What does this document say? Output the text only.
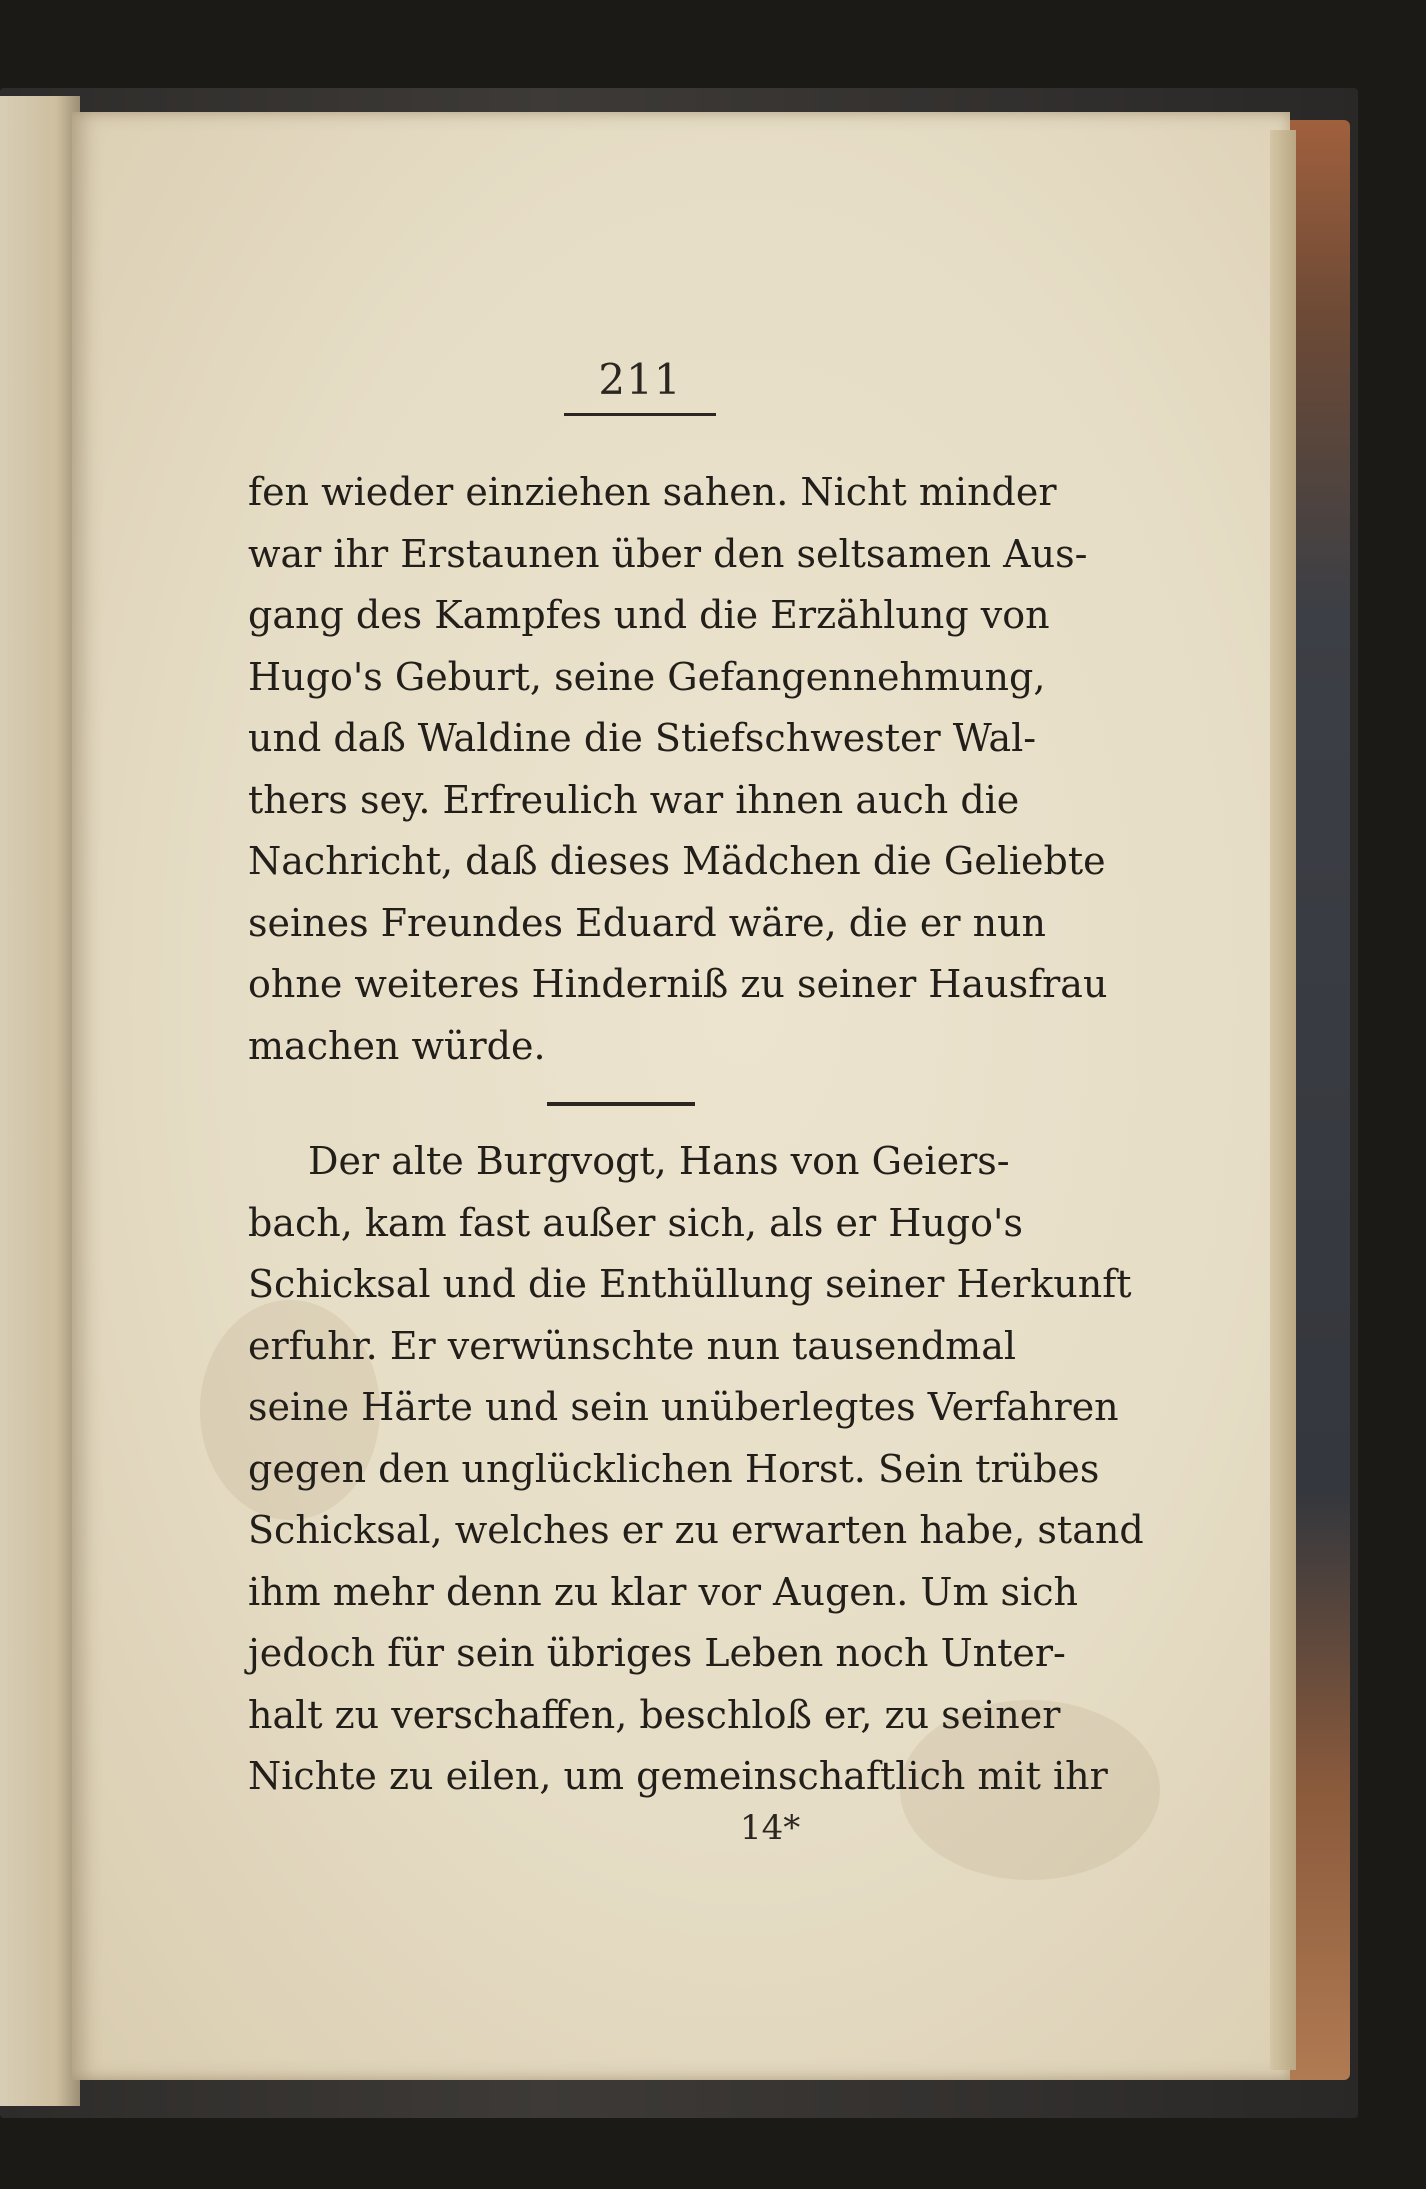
211
fen wieder einziehen sahen. Nicht minder
war ihr Erstaunen über den seltsamen Aus-
gang des Kampfes und die Erzählung von
Hugo's Geburt, seine Gefangennehmung,
und daß Waldine die Stiefschwester Wal-
thers sey. Erfreulich war ihnen auch die
Nachricht, daß dieses Mädchen die Geliebte
seines Freundes Eduard wäre, die er nun
ohne weiteres Hinderniß zu seiner Hausfrau
machen würde.
Der alte Burgvogt, Hans von Geiers-
bach, kam fast außer sich, als er Hugo's
Schicksal und die Enthüllung seiner Herkunft
erfuhr. Er verwünschte nun tausendmal
seine Härte und sein unüberlegtes Verfahren
gegen den unglücklichen Horst. Sein trübes
Schicksal, welches er zu erwarten habe, stand
ihm mehr denn zu klar vor Augen. Um sich
jedoch für sein übriges Leben noch Unter-
halt zu verschaffen, beschloß er, zu seiner
Nichte zu eilen, um gemeinschaftlich mit ihr
14*
